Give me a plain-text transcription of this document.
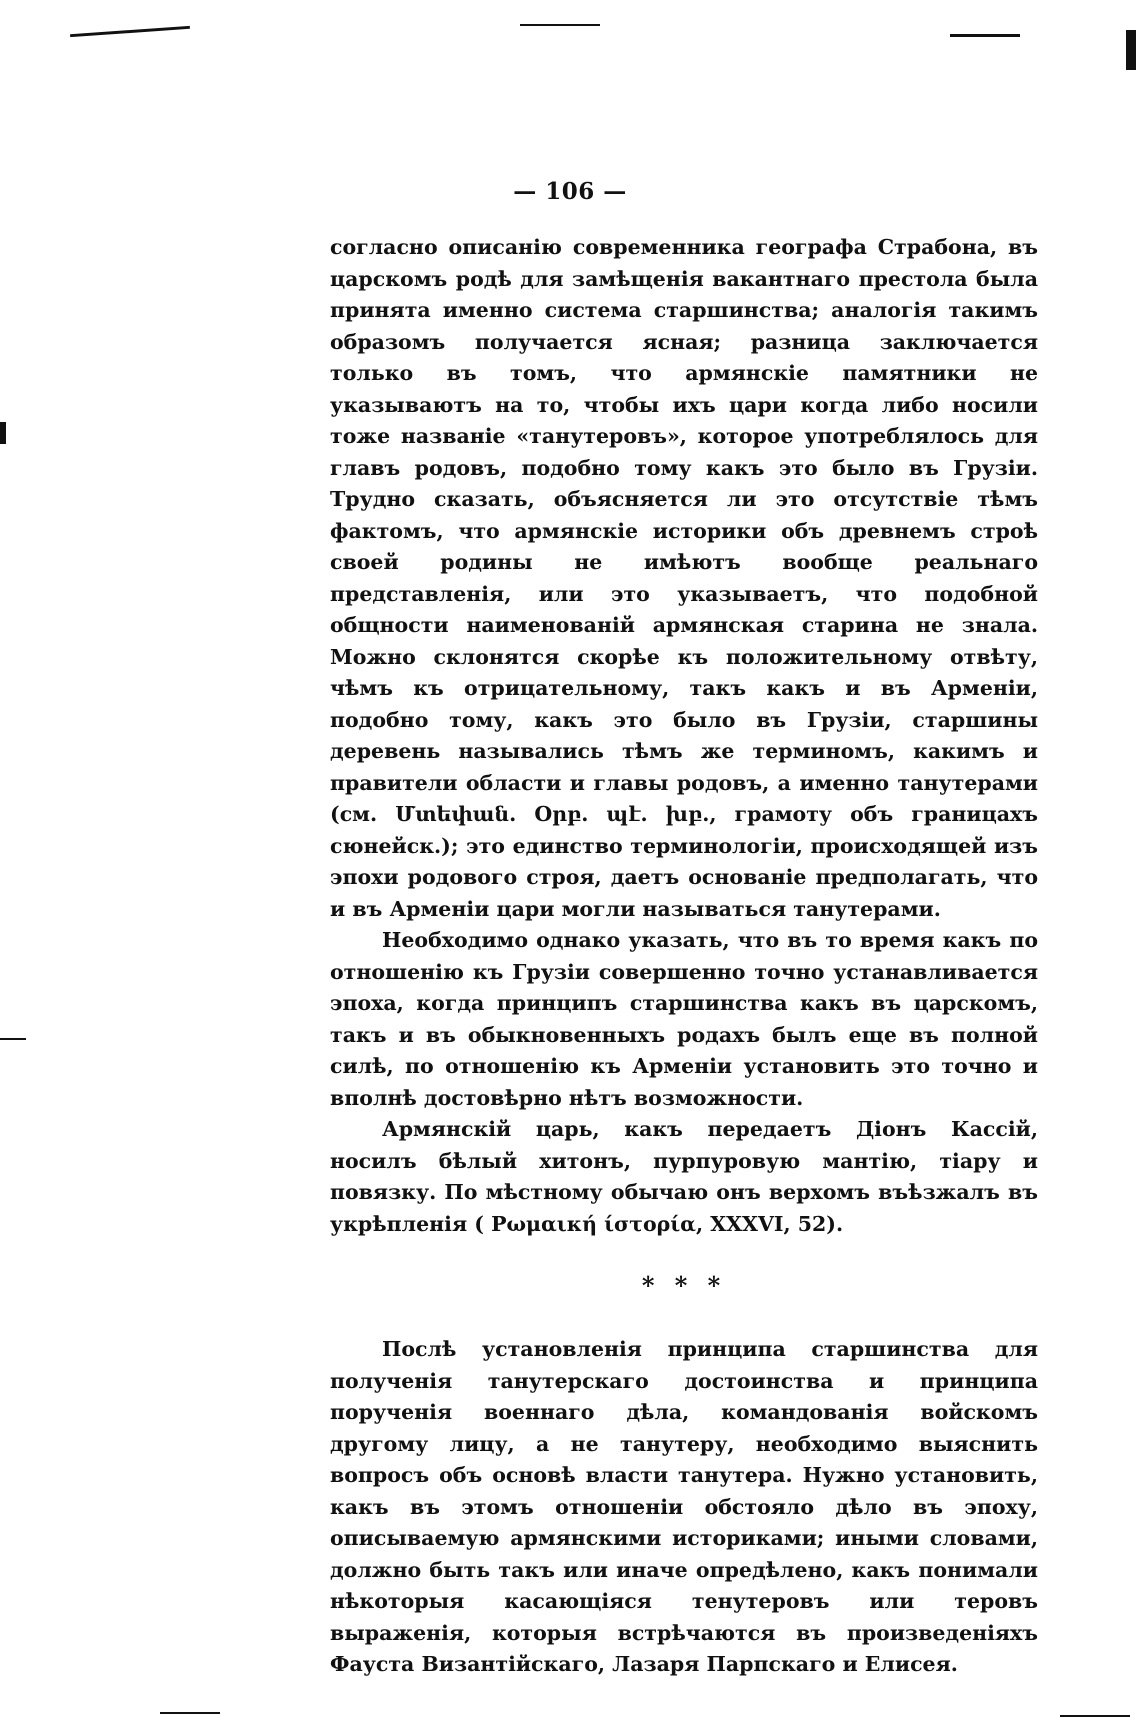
— 106 —

согласно описанію современника географа Страбона, въ царскомъ родѣ для замѣщенія вакантнаго престола была принята именно система старшинства; аналогія такимъ образомъ получается ясная; разница заключается только въ томъ, что армянскіе памятники не указываютъ на то, чтобы ихъ цари когда либо носили тоже названіе «танутеровъ», которое употреблялось для главъ родовъ, подобно тому какъ это было въ Грузіи. Трудно сказать, объясняется ли это отсутствіе тѣмъ фактомъ, что армянскіе историки объ древнемъ строѣ своей родины не имѣютъ вообще реальнаго представленія, или это указываетъ, что подобной общности наименованій армянская старина не знала. Можно склонятся скорѣе къ положительному отвѣту, чѣмъ къ отрицательному, такъ какъ и въ Арменіи, подобно тому, какъ это было въ Грузіи, старшины деревень назывались тѣмъ же терминомъ, какимъ и правители области и главы родовъ, а именно танутерами (см. Մտեփան. Օրբ. պէ. խբ., грамоту объ границахъ сюнейск.); это единство терминологіи, происходящей изъ эпохи родового строя, даетъ основаніе предполагать, что и въ Арменіи цари могли называться танутерами.

Необходимо однако указать, что въ то время какъ по отношенію къ Грузіи совершенно точно устанавливается эпоха, когда принципъ старшинства какъ въ царскомъ, такъ и въ обыкновенныхъ родахъ былъ еще въ полной силѣ, по отношенію къ Арменіи установить это точно и вполнѣ достовѣрно нѣтъ возможности.

Армянскій царь, какъ передаетъ Діонъ Кассій, носилъ бѣлый хитонъ, пурпуровую мантію, тіару и повязку. По мѣстному обычаю онъ верхомъ въѣзжалъ въ укрѣпленія ( Ρωμαική ίστορία, XXXVI, 52).

* * *

Послѣ установленія принципа старшинства для полученія танутерскаго достоинства и принципа порученія военнаго дѣла, командованія войскомъ другому лицу, а не танутеру, необходимо выяснить вопросъ объ основѣ власти танутера. Нужно установить, какъ въ этомъ отношеніи обстояло дѣло въ эпоху, описываемую армянскими историками; иными словами, должно быть такъ или иначе опредѣлено, какъ понимали нѣкоторыя касающіяся тенутеровъ или теровъ выраженія, которыя встрѣчаются въ произведеніяхъ Фауста Византійскаго, Лазаря Парпскаго и Елисея.
